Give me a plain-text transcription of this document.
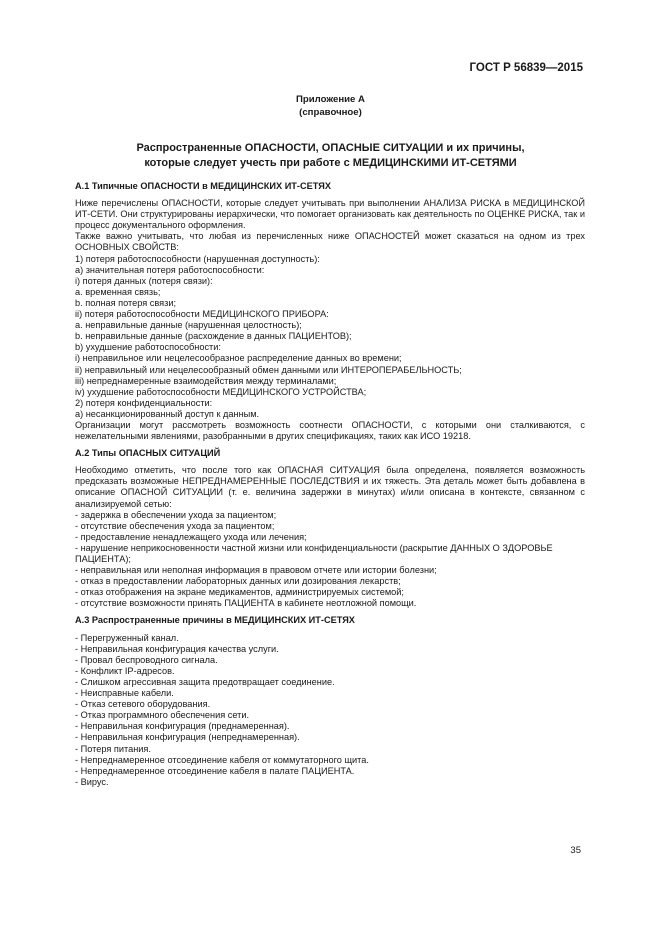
ГОСТ Р 56839—2015
Приложение А
(справочное)
Распространенные ОПАСНОСТИ, ОПАСНЫЕ СИТУАЦИИ и их причины,
которые следует учесть при работе с МЕДИЦИНСКИМИ ИТ-СЕТЯМИ

А.1 Типичные ОПАСНОСТИ в МЕДИЦИНСКИХ ИТ-СЕТЯХ

Ниже перечислены ОПАСНОСТИ, которые следует учитывать при выполнении АНАЛИЗА РИСКА в МЕДИЦИНСКОЙ ИТ-СЕТИ. Они структурированы иерархически, что помогает организовать как деятельность по ОЦЕНКЕ РИСКА, так и процесс документального оформления.

Также важно учитывать, что любая из перечисленных ниже ОПАСНОСТЕЙ может сказаться на одном из трех ОСНОВНЫХ СВОЙСТВ:

1) потеря работоспособности (нарушенная доступность):

а) значительная потеря работоспособности:

i) потеря данных (потеря связи):

а. временная связь;

b. полная потеря связи;

ii) потеря работоспособности МЕДИЦИНСКОГО ПРИБОРА:

а. неправильные данные (нарушенная целостность);

b. неправильные данные (расхождение в данных ПАЦИЕНТОВ);

b) ухудшение работоспособности:

i) неправильное или нецелесообразное распределение данных во времени;

ii) неправильный или нецелесообразный обмен данными или ИНТЕРОПЕРАБЕЛЬНОСТЬ;

iii) непреднамеренные взаимодействия между терминалами;

iv) ухудшение работоспособности МЕДИЦИНСКОГО УСТРОЙСТВА;

2) потеря конфиденциальности:

а) несанкционированный доступ к данным.

Организации могут рассмотреть возможность соотнести ОПАСНОСТИ, с которыми они сталкиваются, с нежелательными явлениями, разобранными в других спецификациях, таких как ИСО 19218.

А.2 Типы ОПАСНЫХ СИТУАЦИЙ

Необходимо отметить, что после того как ОПАСНАЯ СИТУАЦИЯ была определена, появляется возможность предсказать возможные НЕПРЕДНАМЕРЕННЫЕ ПОСЛЕДСТВИЯ и их тяжесть. Эта деталь может быть добавлена в описание ОПАСНОЙ СИТУАЦИИ (т. е. величина задержки в минутах) и/или описана в контексте, связанном с анализируемой сетью:

- задержка в обеспечении ухода за пациентом;

- отсутствие обеспечения ухода за пациентом;

- предоставление ненадлежащего ухода или лечения;

- нарушение неприкосновенности частной жизни или конфиденциальности (раскрытие ДАННЫХ О ЗДОРОВЬЕ ПАЦИЕНТА);

- неправильная или неполная информация в правовом отчете или истории болезни;

- отказ в предоставлении лабораторных данных или дозирования лекарств;

- отказ отображения на экране медикаментов, администрируемых системой;

- отсутствие возможности принять ПАЦИЕНТА в кабинете неотложной помощи.

А.3 Распространенные причины в МЕДИЦИНСКИХ ИТ-СЕТЯХ

- Перегруженный канал.

- Неправильная конфигурация качества услуги.

- Провал беспроводного сигнала.

- Конфликт IP-адресов.

- Слишком агрессивная защита предотвращает соединение.

- Неисправные кабели.

- Отказ сетевого оборудования.

- Отказ программного обеспечения сети.

- Неправильная конфигурация (преднамеренная).

- Неправильная конфигурация (непреднамеренная).

- Потеря питания.

- Непреднамеренное отсоединение кабеля от коммутаторного щита.

- Непреднамеренное отсоединение кабеля в палате ПАЦИЕНТА.

- Вирус.

35
